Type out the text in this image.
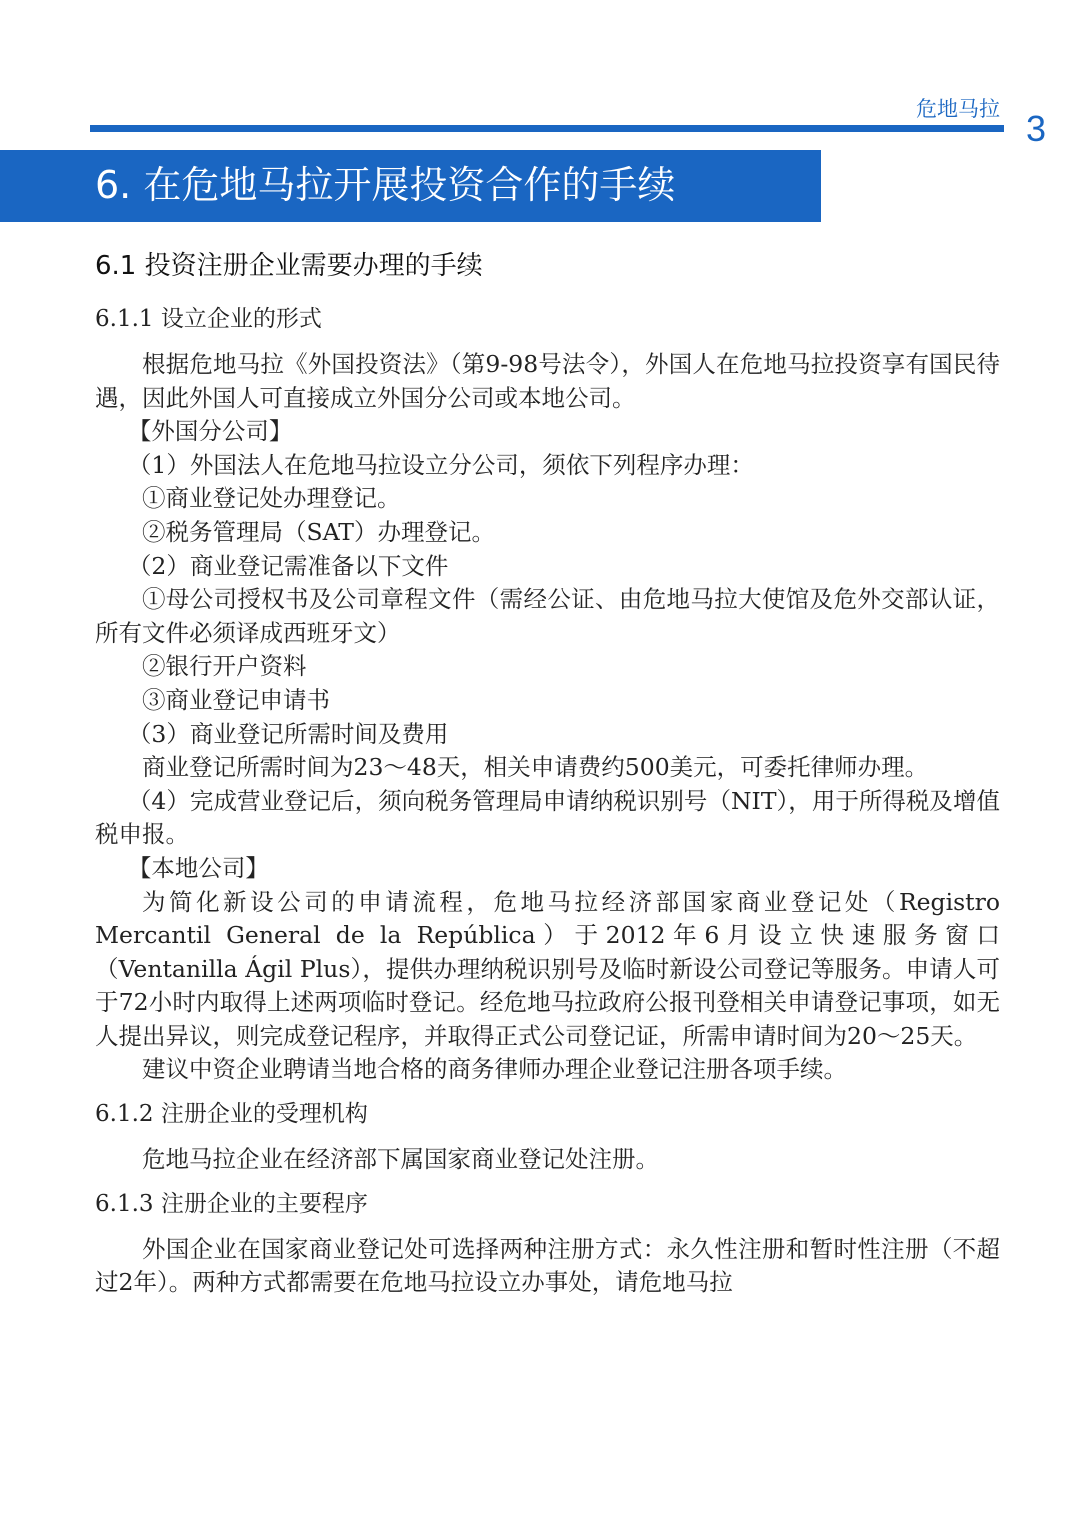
危地马拉 3
6. 在危地马拉开展投资合作的手续
6.1 投资注册企业需要办理的手续
6.1.1 设立企业的形式

根据危地马拉《外国投资法》（第9-98号法令），外国人在危地马拉投资享有国民待遇，因此外国人可直接成立外国分公司或本地公司。

【外国分公司】

（1）外国法人在危地马拉设立分公司，须依下列程序办理：

①商业登记处办理登记。

②税务管理局（SAT）办理登记。

（2）商业登记需准备以下文件

①母公司授权书及公司章程文件（需经公证、由危地马拉大使馆及危外交部认证，所有文件必须译成西班牙文）

②银行开户资料

③商业登记申请书

（3）商业登记所需时间及费用

商业登记所需时间为23～48天，相关申请费约500美元，可委托律师办理。

（4）完成营业登记后，须向税务管理局申请纳税识别号（NIT），用于所得税及增值税申报。

【本地公司】

为简化新设公司的申请流程，危地马拉经济部国家商业登记处（Registro Mercantil General de la República）于2012年6月设立快速服务窗口（Ventanilla Ágil Plus），提供办理纳税识别号及临时新设公司登记等服务。申请人可于72小时内取得上述两项临时登记。经危地马拉政府公报刊登相关申请登记事项，如无人提出异议，则完成登记程序，并取得正式公司登记证，所需申请时间为20～25天。

建议中资企业聘请当地合格的商务律师办理企业登记注册各项手续。

6.1.2 注册企业的受理机构

危地马拉企业在经济部下属国家商业登记处注册。

6.1.3 注册企业的主要程序

外国企业在国家商业登记处可选择两种注册方式：永久性注册和暂时性注册（不超过2年）。两种方式都需要在危地马拉设立办事处，请危地马拉
